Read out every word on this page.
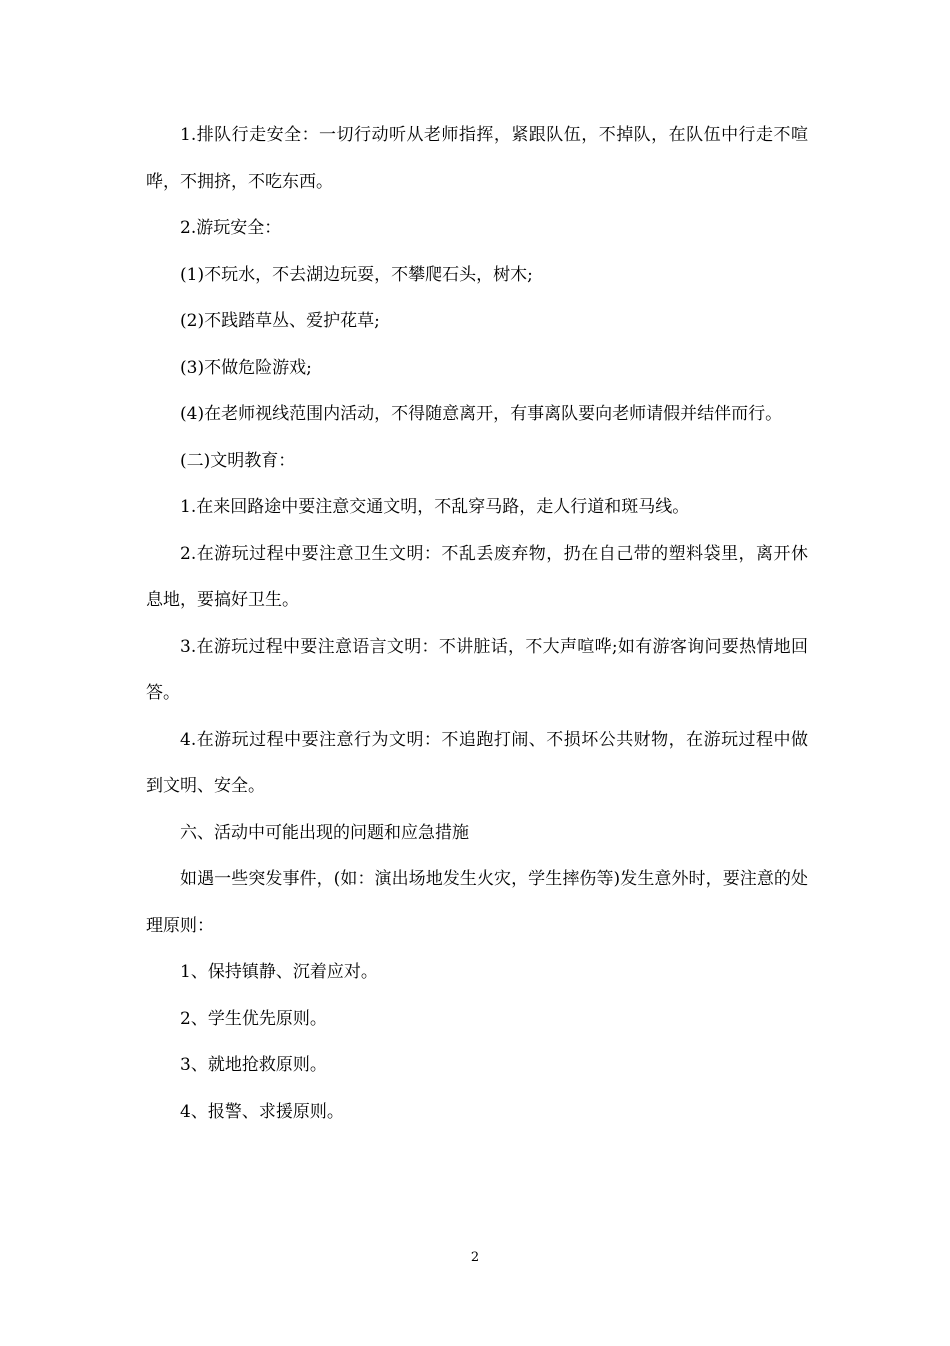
1.排队行走安全：一切行动听从老师指挥，紧跟队伍，不掉队，在队伍中行走不喧哗，不拥挤，不吃东西。

2.游玩安全：

(1)不玩水，不去湖边玩耍，不攀爬石头，树木;

(2)不践踏草丛、爱护花草;

(3)不做危险游戏;

(4)在老师视线范围内活动，不得随意离开，有事离队要向老师请假并结伴而行。

(二)文明教育：

1.在来回路途中要注意交通文明，不乱穿马路，走人行道和斑马线。

2.在游玩过程中要注意卫生文明：不乱丢废弃物，扔在自己带的塑料袋里，离开休息地，要搞好卫生。

3.在游玩过程中要注意语言文明：不讲脏话，不大声喧哗;如有游客询问要热情地回答。

4.在游玩过程中要注意行为文明：不追跑打闹、不损坏公共财物，在游玩过程中做到文明、安全。

六、活动中可能出现的问题和应急措施

如遇一些突发事件，(如：演出场地发生火灾，学生摔伤等)发生意外时，要注意的处理原则：

1、保持镇静、沉着应对。

2、学生优先原则。

3、就地抢救原则。

4、报警、求援原则。

2
